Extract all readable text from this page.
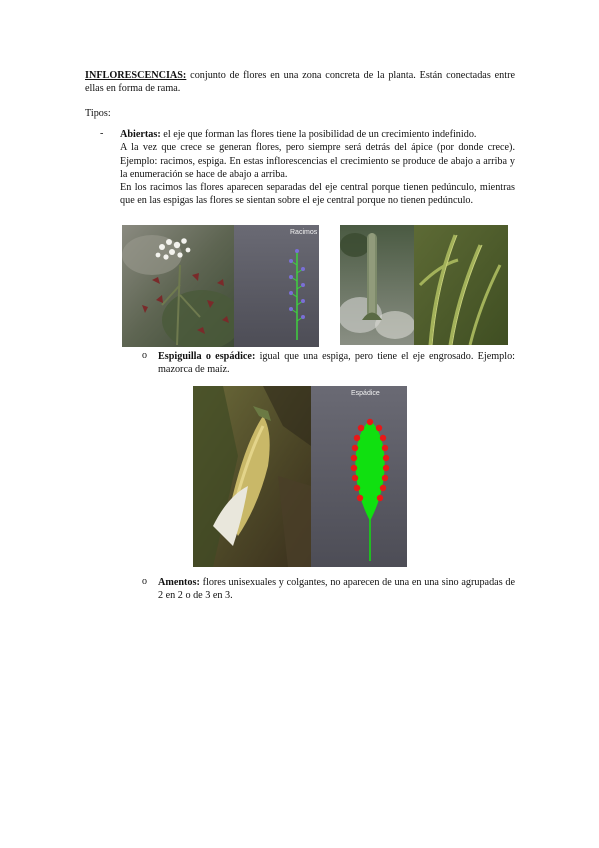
INFLORESCENCIAS: conjunto de flores en una zona concreta de la planta. Están conectadas entre ellas en forma de rama.
Tipos:
- Abiertas: el eje que forman las flores tiene la posibilidad de un crecimiento indefinido.
A la vez que crece se generan flores, pero siempre será detrás del ápice (por donde crece). Ejemplo: racimos, espiga. En estas inflorescencias el crecimiento se produce de abajo a arriba y la enumeración se hace de abajo a arriba.
En los racimos las flores aparecen separadas del eje central porque tienen pedúnculo, mientras que en las espigas las flores se sientan sobre el eje central porque no tienen pedúnculo.
Racimos
o Espiguilla o espádice: igual que una espiga, pero tiene el eje engrosado. Ejemplo: mazorca de maíz.
Espádice
o Amentos: flores unisexuales y colgantes, no aparecen de una en una sino agrupadas de 2 en 2 o de 3 en 3.
